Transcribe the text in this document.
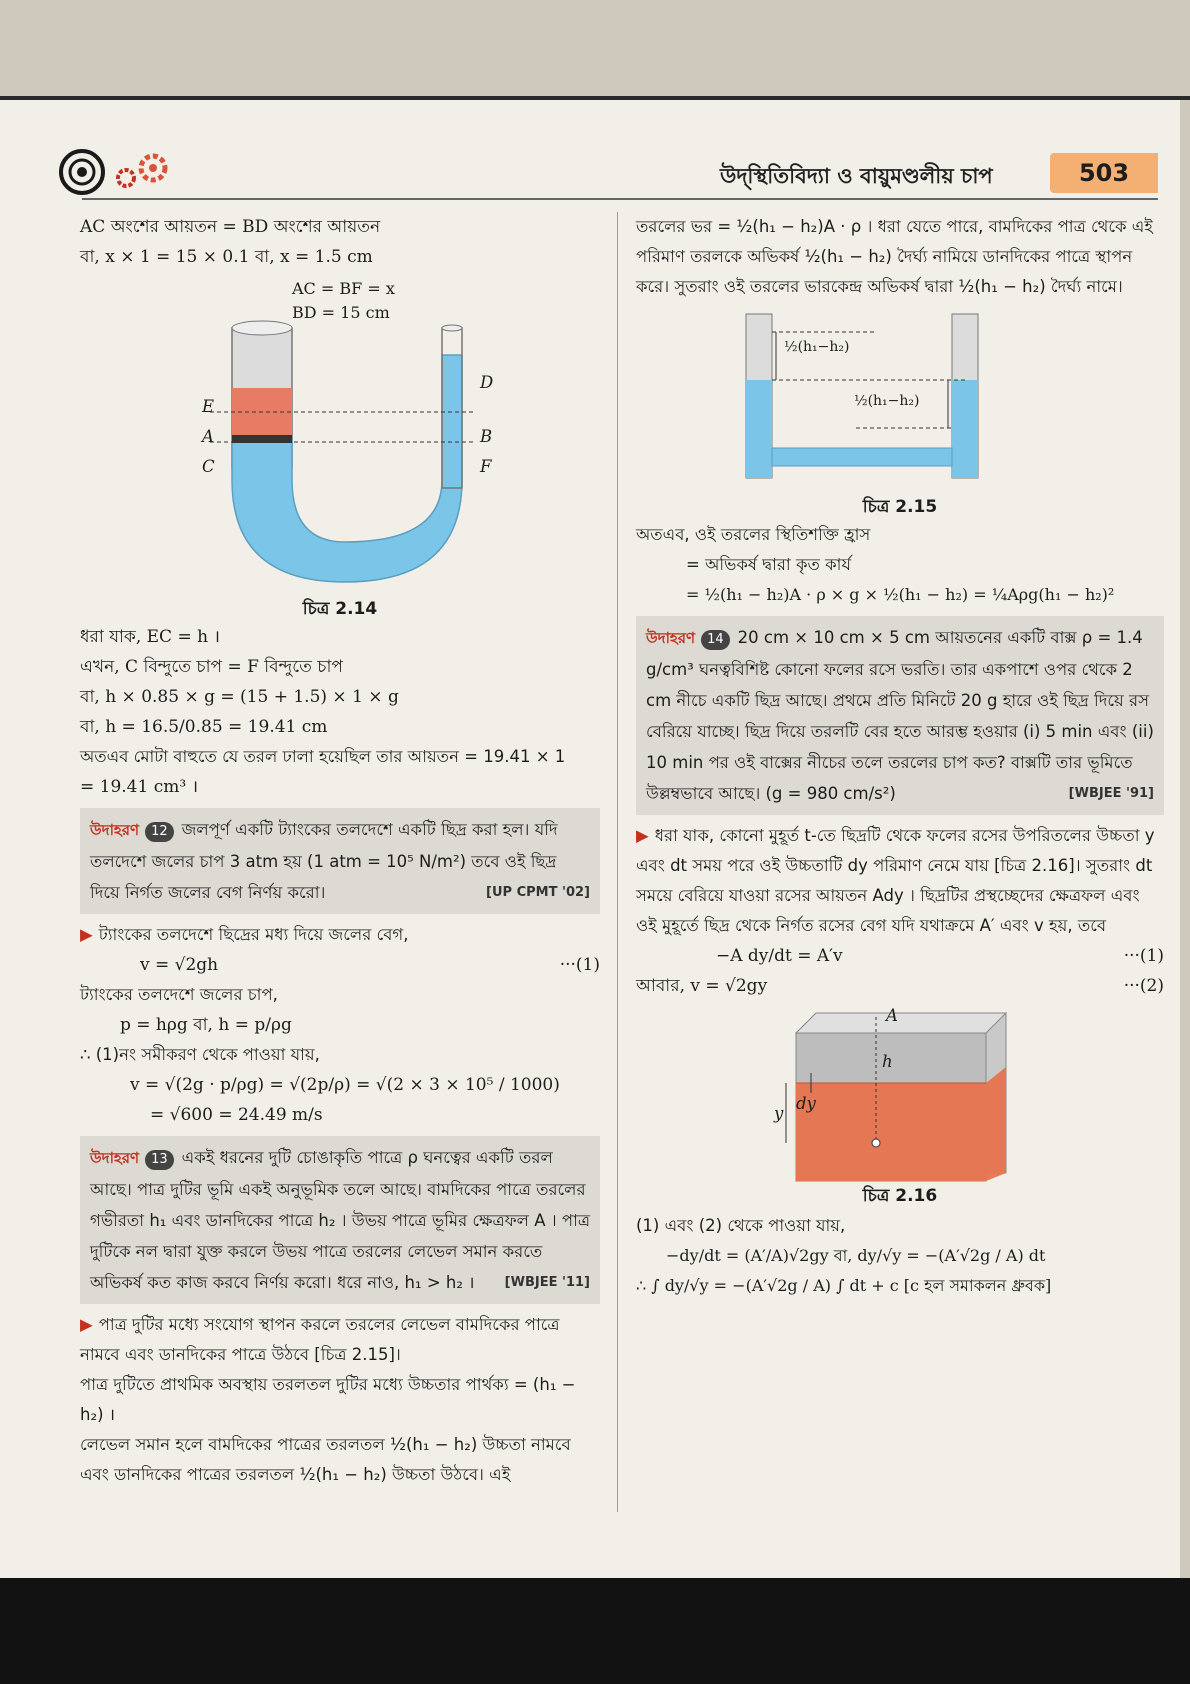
উদ্‌স্থিতিবিদ্যা ও বায়ুমণ্ডলীয় চাপ	503

AC অংশের আয়তন = BD অংশের আয়তন

বা, x × 1 = 15 × 0.1 বা, x = 1.5 cm

AC = BF = x
BD = 15 cm
E
A
C
D
B
F
চিত্র 2.14

ধরা যাক, EC = h ।

এখন, C বিন্দুতে চাপ = F বিন্দুতে চাপ

বা, h × 0.85 × g = (15 + 1.5) × 1 × g

বা, h = 16.5/0.85 = 19.41 cm

অতএব মোটা বাহুতে যে তরল ঢালা হয়েছিল তার আয়তন = 19.41 × 1

= 19.41 cm³ ।

উদাহরণ 12 জলপূর্ণ একটি ট্যাংকের তলদেশে একটি ছিদ্র করা হল। যদি তলদেশে জলের চাপ 3 atm হয় (1 atm = 10⁵ N/m²) তবে ওই ছিদ্র দিয়ে নির্গত জলের বেগ নির্ণয় করো।	[UP CPMT '02]

▶ ট্যাংকের তলদেশে ছিদ্রের মধ্য দিয়ে জলের বেগ,

v = √2gh	···(1)

ট্যাংকের তলদেশে জলের চাপ,

p = hρg বা, h = p/ρg

∴ (1)নং সমীকরণ থেকে পাওয়া যায়,

v = √(2g · p/ρg) = √(2p/ρ) = √(2 × 3 × 10⁵ / 1000)

= √600 = 24.49 m/s

উদাহরণ 13 একই ধরনের দুটি চোঙাকৃতি পাত্রে ρ ঘনত্বের একটি তরল আছে। পাত্র দুটির ভূমি একই অনুভূমিক তলে আছে। বামদিকের পাত্রে তরলের গভীরতা h₁ এবং ডানদিকের পাত্রে h₂ । উভয় পাত্রে ভূমির ক্ষেত্রফল A । পাত্র দুটিকে নল দ্বারা যুক্ত করলে উভয় পাত্রে তরলের লেভেল সমান করতে অভিকর্ষ কত কাজ করবে নির্ণয় করো। ধরে নাও, h₁ > h₂ । [WBJEE '11]

▶ পাত্র দুটির মধ্যে সংযোগ স্থাপন করলে তরলের লেভেল বামদিকের পাত্রে নামবে এবং ডানদিকের পাত্রে উঠবে [চিত্র 2.15]।

পাত্র দুটিতে প্রাথমিক অবস্থায় তরলতল দুটির মধ্যে উচ্চতার পার্থক্য = (h₁ − h₂) ।

লেভেল সমান হলে বামদিকের পাত্রের তরলতল ½(h₁ − h₂) উচ্চতা নামবে এবং ডানদিকের পাত্রের তরলতল ½(h₁ − h₂) উচ্চতা উঠবে। এই

তরলের ভর = ½(h₁ − h₂)A · ρ । ধরা যেতে পারে, বামদিকের পাত্র থেকে এই পরিমাণ তরলকে অভিকর্ষ ½(h₁ − h₂) দৈর্ঘ্য নামিয়ে ডানদিকের পাত্রে স্থাপন করে। সুতরাং ওই তরলের ভারকেন্দ্র অভিকর্ষ দ্বারা ½(h₁ − h₂) দৈর্ঘ্য নামে।

½(h₁−h₂)
½(h₁−h₂)
চিত্র 2.15

অতএব, ওই তরলের স্থিতিশক্তি হ্রাস

= অভিকর্ষ দ্বারা কৃত কার্য

= ½(h₁ − h₂)A · ρ × g × ½(h₁ − h₂) = ¼Aρg(h₁ − h₂)²

উদাহরণ 14 20 cm × 10 cm × 5 cm আয়তনের একটি বাক্স ρ = 1.4 g/cm³ ঘনত্ববিশিষ্ট কোনো ফলের রসে ভরতি। তার একপাশে ওপর থেকে 2 cm নীচে একটি ছিদ্র আছে। প্রথমে প্রতি মিনিটে 20 g হারে ওই ছিদ্র দিয়ে রস বেরিয়ে যাচ্ছে। ছিদ্র দিয়ে তরলটি বের হতে আরম্ভ হওয়ার (i) 5 min এবং (ii) 10 min পর ওই বাক্সের নীচের তলে তরলের চাপ কত? বাক্সটি তার ভূমিতে উল্লম্বভাবে আছে। (g = 980 cm/s²)	[WBJEE '91]

▶ ধরা যাক, কোনো মুহূর্ত t-তে ছিদ্রটি থেকে ফলের রসের উপরিতলের উচ্চতা y এবং dt সময় পরে ওই উচ্চতাটি dy পরিমাণ নেমে যায় [চিত্র 2.16]। সুতরাং dt সময়ে বেরিয়ে যাওয়া রসের আয়তন Ady । ছিদ্রটির প্রস্থচ্ছেদের ক্ষেত্রফল এবং ওই মুহূর্তে ছিদ্র থেকে নির্গত রসের বেগ যদি যথাক্রমে A′ এবং v হয়, তবে

−A dy/dt = A′v	···(1)

আবার, v = √2gy	···(2)

A
h
y
dy
চিত্র 2.16

(1) এবং (2) থেকে পাওয়া যায়,

−dy/dt = (A′/A)√2gy বা, dy/√y = −(A′√2g / A) dt

∴ ∫ dy/√y = −(A′√2g / A) ∫ dt + c [c হল সমাকলন ধ্রুবক]
